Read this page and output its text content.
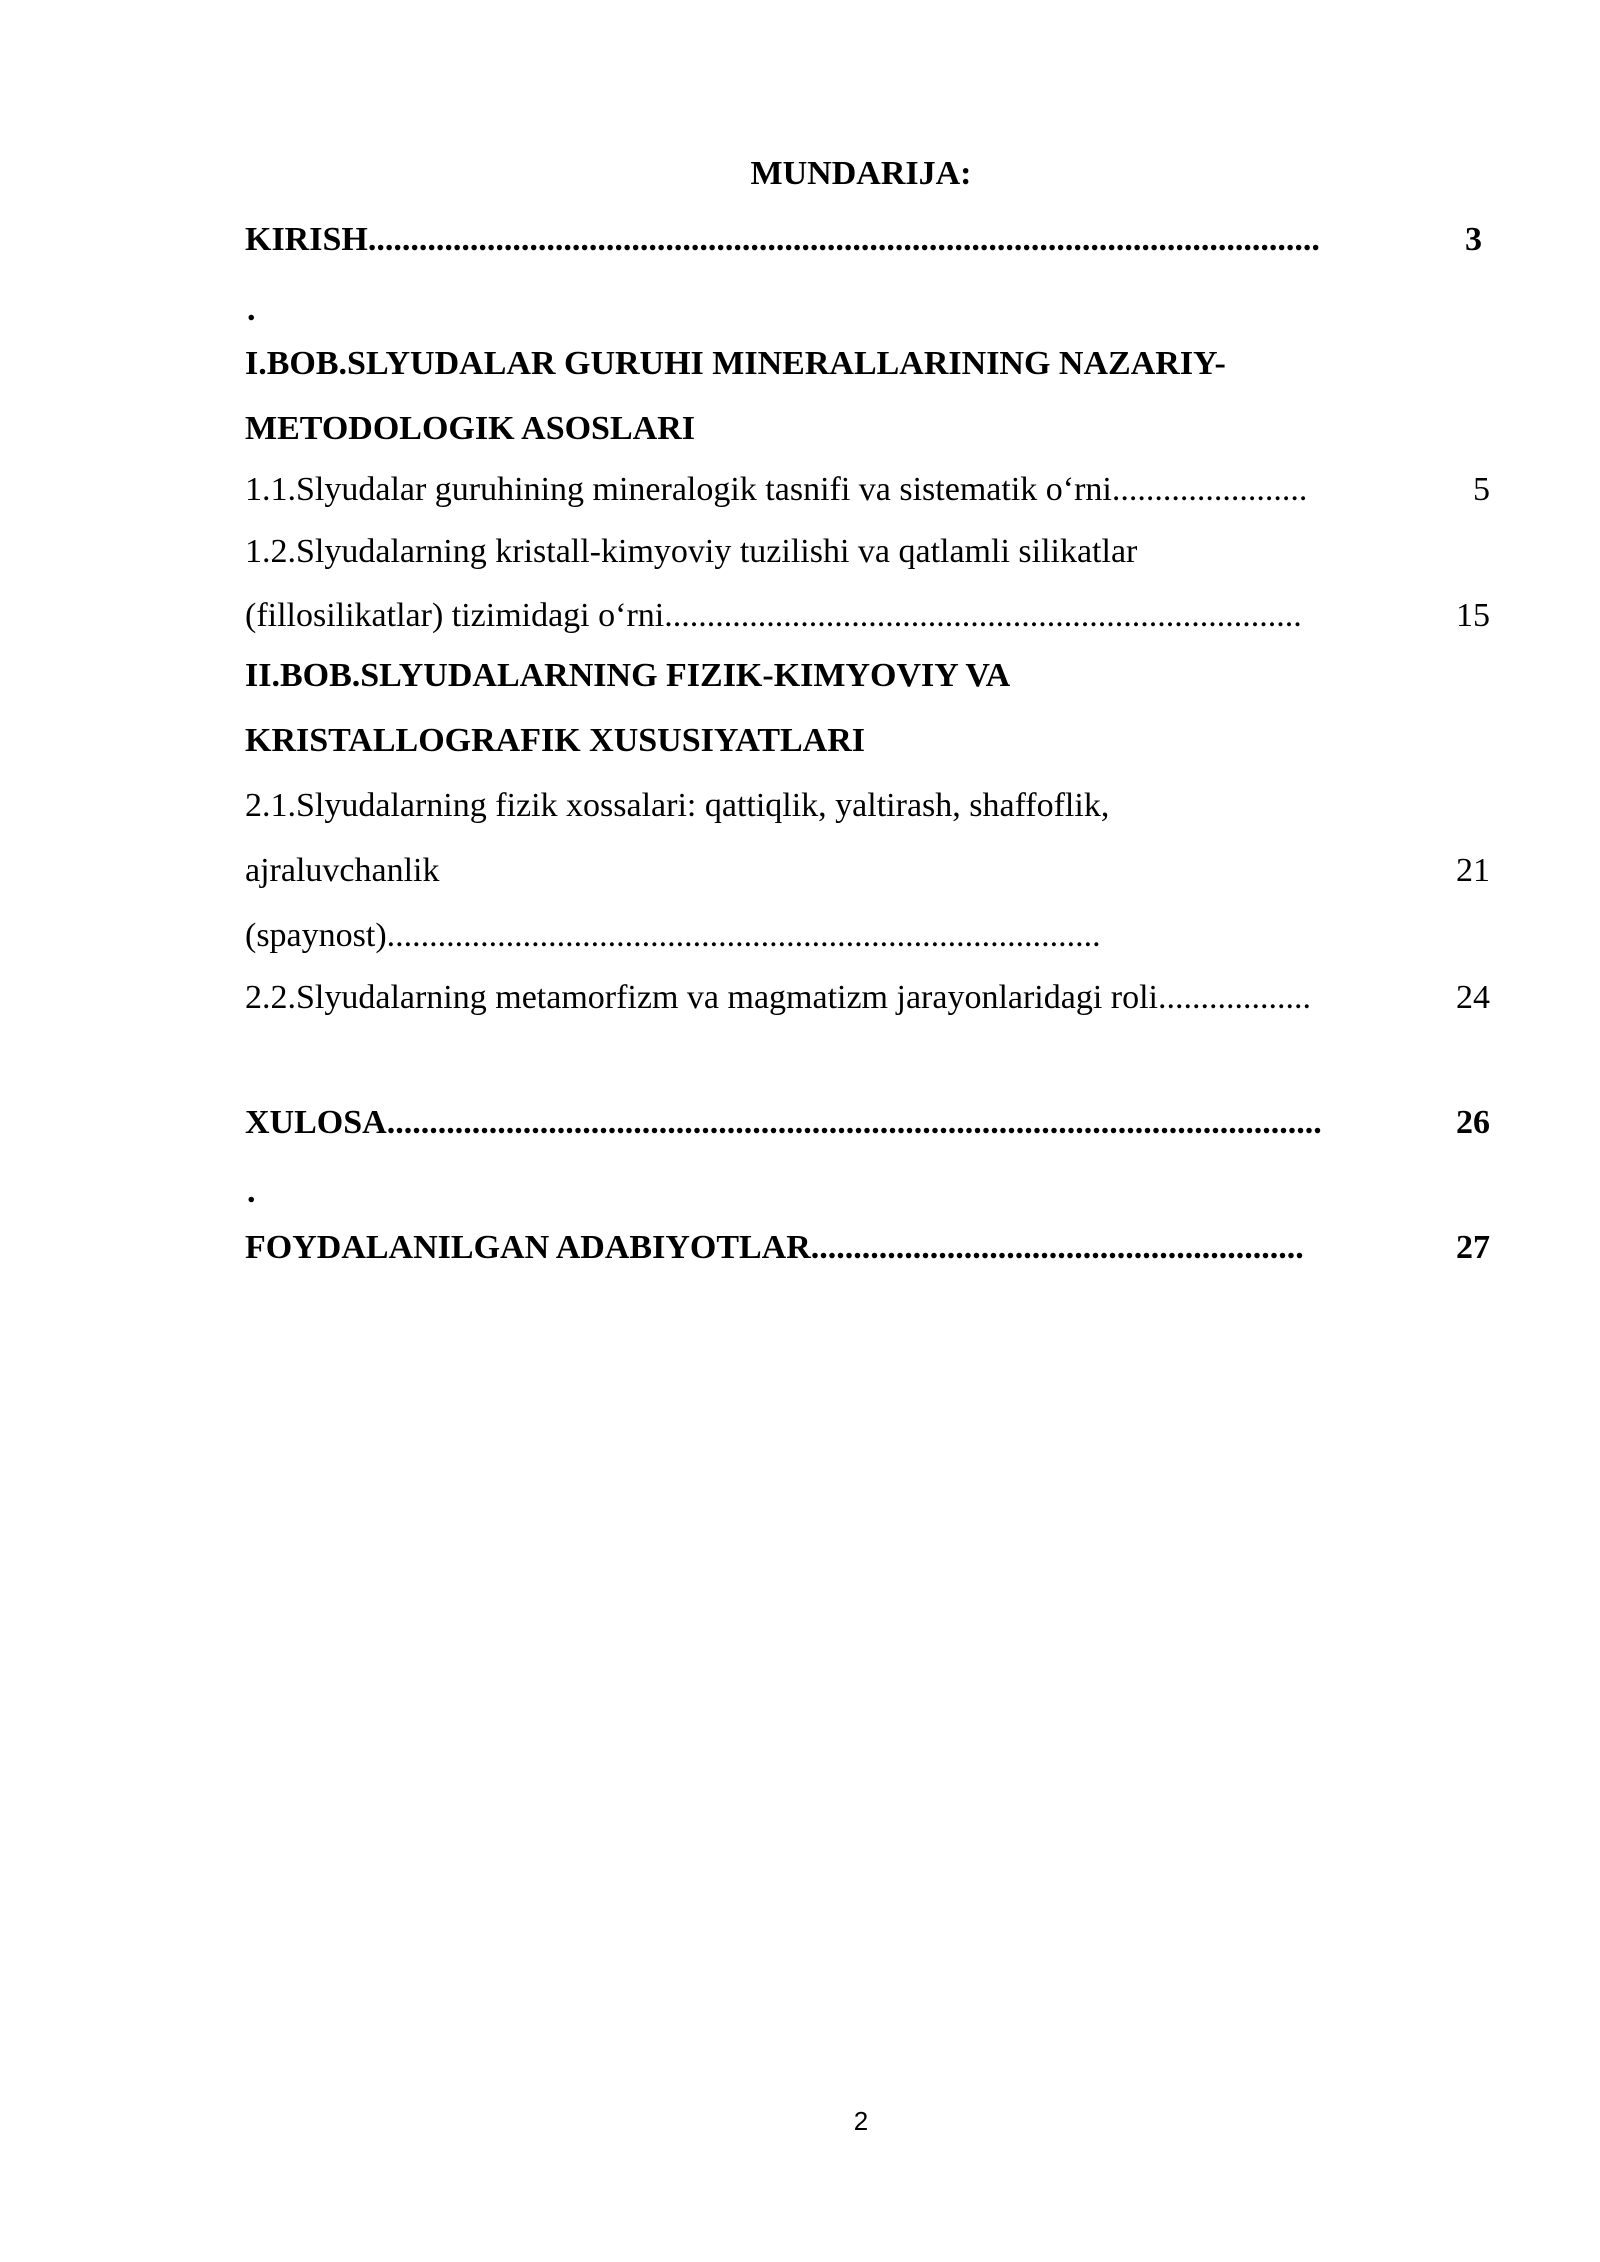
MUNDARIJA:
KIRISH................................................................................................................	3
.
I.BOB.SLYUDALAR GURUHI MINERALLARINING NAZARIY-
METODOLOGIK ASOSLARI
1.1.Slyudalar guruhining mineralogik tasnifi va sistematik o‘rni.......................	5
1.2.Slyudalarning kristall-kimyoviy tuzilishi va qatlamli silikatlar
(fillosilikatlar) tizimidagi o‘rni...........................................................................	15
II.BOB.SLYUDALARNING FIZIK-KIMYOVIY VA
KRISTALLOGRAFIK XUSUSIYATLARI
2.1.Slyudalarning fizik xossalari: qattiqlik, yaltirash, shaffoflik,
ajraluvchanlik	21
(spaynost)....................................................................................
2.2.Slyudalarning metamorfizm va magmatizm jarayonlaridagi roli..................	24
XULOSA..............................................................................................................	26
.
FOYDALANILGAN ADABIYOTLAR..........................................................	27
2
